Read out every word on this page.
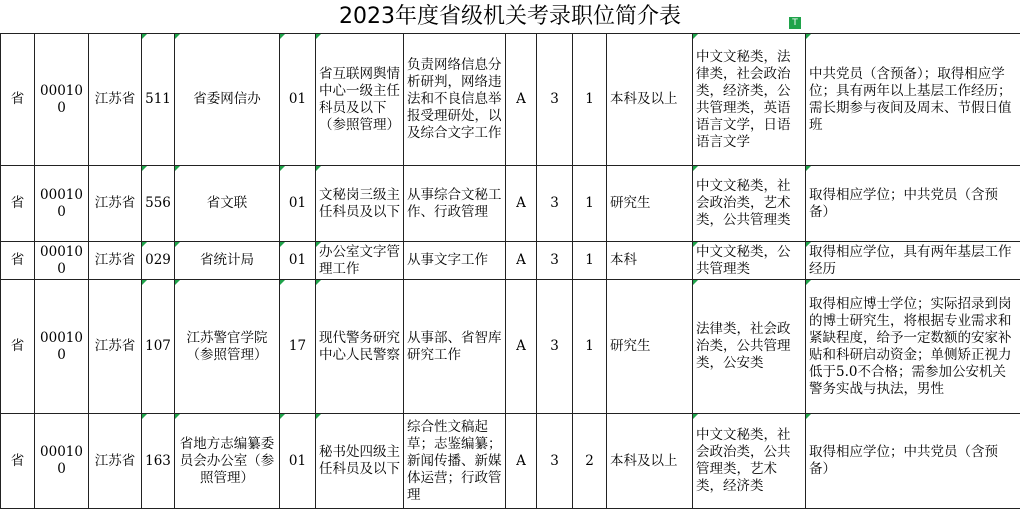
2023年度省级机关考录职位简介表	T
省	000100	江苏省	511	省委网信办	01	省互联网舆情中心一级主任科员及以下（参照管理）	负责网络信息分析研判，网络违法和不良信息举报受理研处，以及综合文字工作	A	3	1	本科及以上	中文文秘类，法律类，社会政治类，经济类，公共管理类，英语语言文学，日语语言文学	中共党员（含预备）；取得相应学位；具有两年以上基层工作经历；需长期参与夜间及周末、节假日值班

省	000100	江苏省	556	省文联	01	文秘岗三级主任科员及以下	从事综合文秘工作、行政管理	A	3	1	研究生	中文文秘类，社会政治类，艺术类，公共管理类	取得相应学位；中共党员（含预备）

省	000100	江苏省	029	省统计局	01	办公室文字管理工作	从事文字工作	A	3	1	本科	中文文秘类，公共管理类	取得相应学位，具有两年基层工作经历

省	000100	江苏省	107	江苏警官学院（参照管理）	17	现代警务研究中心人民警察	从事部、省智库研究工作	A	3	1	研究生	法律类，社会政治类，公共管理类，公安类	取得相应博士学位；实际招录到岗的博士研究生，将根据专业需求和紧缺程度，给予一定数额的安家补贴和科研启动资金；单侧矫正视力低于5.0不合格；需参加公安机关警务实战与执法，男性

省	000100	江苏省	163	省地方志编纂委员会办公室（参照管理）	01	秘书处四级主任科员及以下	综合性文稿起草；志鉴编纂；新闻传播、新媒体运营；行政管理	A	3	2	本科及以上	中文文秘类，社会政治类，公共管理类，艺术类，经济类	取得相应学位；中共党员（含预备）
